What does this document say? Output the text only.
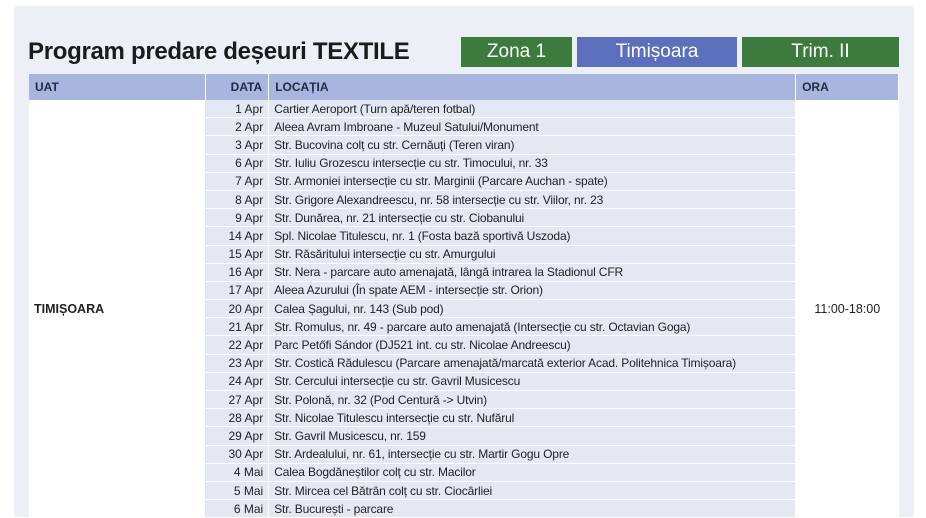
Program predare deșeuri TEXTILE	Zona 1	Timișoara	Trim. II
UAT	DATA	LOCAȚIA	ORA
TIMIȘOARA	1 Apr	Cartier Aeroport (Turn apă/teren fotbal)	11:00-18:00
	2 Apr	Aleea Avram Imbroane - Muzeul Satului/Monument	
	3 Apr	Str. Bucovina colț cu str. Cernăuți (Teren viran)	
	6 Apr	Str. Iuliu Grozescu intersecție cu str. Timocului, nr. 33	
	7 Apr	Str. Armoniei intersecție cu str. Marginii (Parcare Auchan - spate)	
	8 Apr	Str. Grigore Alexandreescu, nr. 58 intersecție cu str. Viilor, nr. 23	
	9 Apr	Str. Dunărea, nr. 21 intersecție cu str. Ciobanului	
	14 Apr	Spl. Nicolae Titulescu, nr. 1 (Fosta bază sportivă Uszoda)	
	15 Apr	Str. Răsăritului intersecție cu str. Amurgului	
	16 Apr	Str. Nera - parcare auto amenajată, lângă intrarea la Stadionul CFR	
	17 Apr	Aleea Azurului (În spate AEM - intersecție str. Orion)	
	20 Apr	Calea Șagului, nr. 143 (Sub pod)	
	21 Apr	Str. Romulus, nr. 49 - parcare auto amenajată (Intersecție cu str. Octavian Goga)	
	22 Apr	Parc Petőfi Sándor (DJ521 int. cu str. Nicolae Andreescu)	
	23 Apr	Str. Costică Rădulescu (Parcare amenajată/marcată exterior Acad. Politehnica Timișoara)	
	24 Apr	Str. Cercului intersecție cu str. Gavril Musicescu	
	27 Apr	Str. Polonă, nr. 32 (Pod Centură -> Utvin)	
	28 Apr	Str. Nicolae Titulescu intersecție cu str. Nufărul	
	29 Apr	Str. Gavril Musicescu, nr. 159	
	30 Apr	Str. Ardealului, nr. 61, intersecție cu str. Martir Gogu Opre	
	4 Mai	Calea Bogdăneștilor colț cu str. Macilor	
	5 Mai	Str. Mircea cel Bătrân colț cu str. Ciocârliei	
	6 Mai	Str. București - parcare	
